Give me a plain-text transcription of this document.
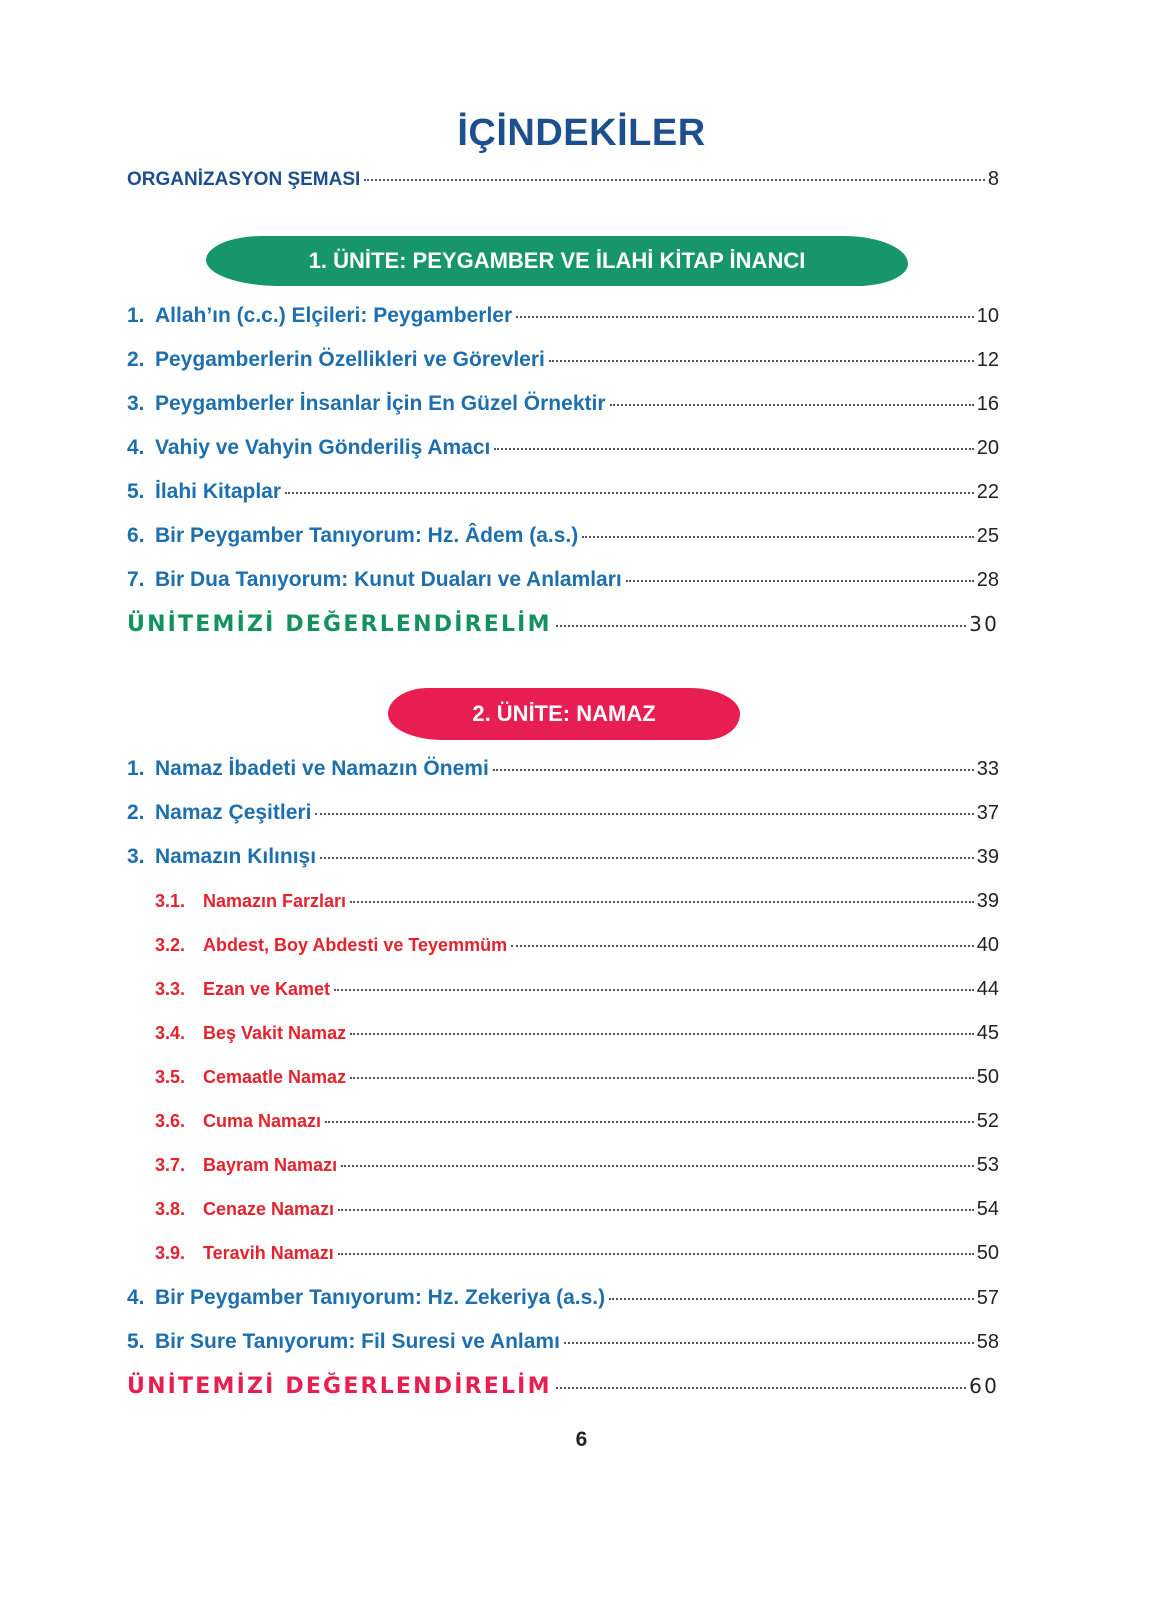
İÇİNDEKİLER
ORGANİZASYON ŞEMASI	8
1. ÜNİTE: PEYGAMBER VE İLAHİ KİTAP İNANCI
1. Allah’ın (c.c.) Elçileri: Peygamberler	10
2. Peygamberlerin Özellikleri ve Görevleri	12
3. Peygamberler İnsanlar İçin En Güzel Örnektir	16
4. Vahiy ve Vahyin Gönderiliş Amacı	20
5. İlahi Kitaplar	22
6. Bir Peygamber Tanıyorum: Hz. Âdem (a.s.)	25
7. Bir Dua Tanıyorum: Kunut Duaları ve Anlamları	28
ÜNİTEMİZİ DEĞERLENDİRELİM	30
2. ÜNİTE: NAMAZ
1. Namaz İbadeti ve Namazın Önemi	33
2. Namaz Çeşitleri	37
3. Namazın Kılınışı	39
3.1. Namazın Farzları	39
3.2. Abdest, Boy Abdesti ve Teyemmüm	40
3.3. Ezan ve Kamet	44
3.4. Beş Vakit Namaz	45
3.5. Cemaatle Namaz	50
3.6. Cuma Namazı	52
3.7. Bayram Namazı	53
3.8. Cenaze Namazı	54
3.9. Teravih Namazı	50
4. Bir Peygamber Tanıyorum: Hz. Zekeriya (a.s.)	57
5. Bir Sure Tanıyorum: Fil Suresi ve Anlamı	58
ÜNİTEMİZİ DEĞERLENDİRELİM	60
6
